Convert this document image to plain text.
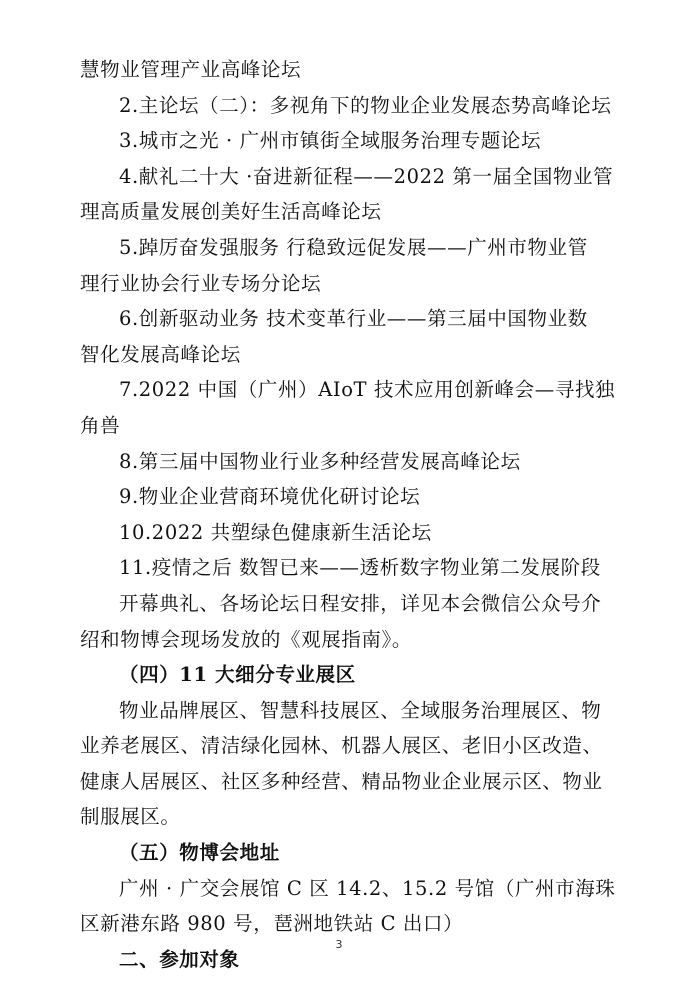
慧物业管理产业高峰论坛
2.主论坛（二）：多视角下的物业企业发展态势高峰论坛
3.城市之光 · 广州市镇街全域服务治理专题论坛
4.献礼二十大 ·奋进新征程——2022 第一届全国物业管
理高质量发展创美好生活高峰论坛
5.踔厉奋发强服务 行稳致远促发展——广州市物业管
理行业协会行业专场分论坛
6.创新驱动业务 技术变革行业——第三届中国物业数
智化发展高峰论坛
7.2022 中国（广州）AIoT 技术应用创新峰会—寻找独
角兽
8.第三届中国物业行业多种经营发展高峰论坛
9.物业企业营商环境优化研讨论坛
10.2022 共塑绿色健康新生活论坛
11.疫情之后 数智已来——透析数字物业第二发展阶段
开幕典礼、各场论坛日程安排，详见本会微信公众号介
绍和物博会现场发放的《观展指南》。
（四）11 大细分专业展区
物业品牌展区、智慧科技展区、全域服务治理展区、物
业养老展区、清洁绿化园林、机器人展区、老旧小区改造、
健康人居展区、社区多种经营、精品物业企业展示区、物业
制服展区。
（五）物博会地址
广州 · 广交会展馆 C 区 14.2、15.2 号馆（广州市海珠
区新港东路 980 号，琶洲地铁站 C 出口）
二、参加对象
3
